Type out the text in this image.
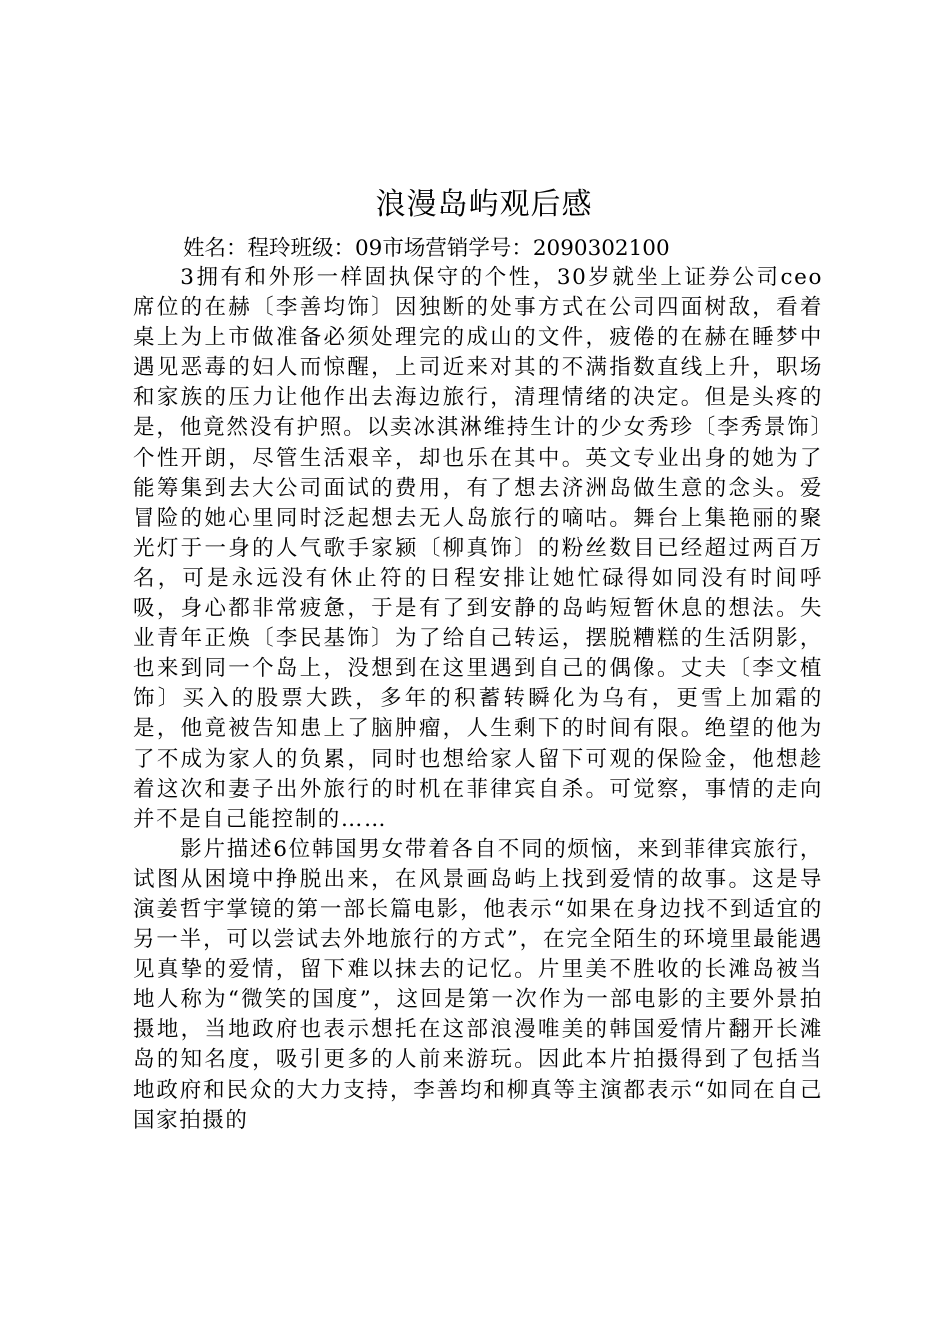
浪漫岛屿观后感
姓名：程玲班级：09市场营销学号：2090302100

3拥有和外形一样固执保守的个性，30岁就坐上证券公司ceo席位的在赫〔李善均饰〕因独断的处事方式在公司四面树敌，看着桌上为上市做准备必须处理完的成山的文件，疲倦的在赫在睡梦中遇见恶毒的妇人而惊醒，上司近来对其的不满指数直线上升，职场和家族的压力让他作出去海边旅行，清理情绪的决定。但是头疼的是，他竟然没有护照。以卖冰淇淋维持生计的少女秀珍〔李秀景饰〕个性开朗，尽管生活艰辛，却也乐在其中。英文专业出身的她为了能筹集到去大公司面试的费用，有了想去济洲岛做生意的念头。爱冒险的她心里同时泛起想去无人岛旅行的嘀咕。舞台上集艳丽的聚光灯于一身的人气歌手家颍〔柳真饰〕的粉丝数目已经超过两百万名，可是永远没有休止符的日程安排让她忙碌得如同没有时间呼吸，身心都非常疲惫，于是有了到安静的岛屿短暂休息的想法。失业青年正焕〔李民基饰〕为了给自己转运，摆脱糟糕的生活阴影，也来到同一个岛上，没想到在这里遇到自己的偶像。丈夫〔李文植饰〕买入的股票大跌，多年的积蓄转瞬化为乌有，更雪上加霜的是，他竟被告知患上了脑肿瘤，人生剩下的时间有限。绝望的他为了不成为家人的负累，同时也想给家人留下可观的保险金，他想趁着这次和妻子出外旅行的时机在菲律宾自杀。可觉察，事情的走向并不是自己能控制的……

影片描述6位韩国男女带着各自不同的烦恼，来到菲律宾旅行，试图从困境中挣脱出来，在风景画岛屿上找到爱情的故事。这是导演姜哲宇掌镜的第一部长篇电影，他表示“如果在身边找不到适宜的另一半，可以尝试去外地旅行的方式”，在完全陌生的环境里最能遇见真挚的爱情，留下难以抹去的记忆。片里美不胜收的长滩岛被当地人称为“微笑的国度”，这回是第一次作为一部电影的主要外景拍摄地，当地政府也表示想托在这部浪漫唯美的韩国爱情片翻开长滩岛的知名度，吸引更多的人前来游玩。因此本片拍摄得到了包括当地政府和民众的大力支持，李善均和柳真等主演都表示“如同在自己国家拍摄的
